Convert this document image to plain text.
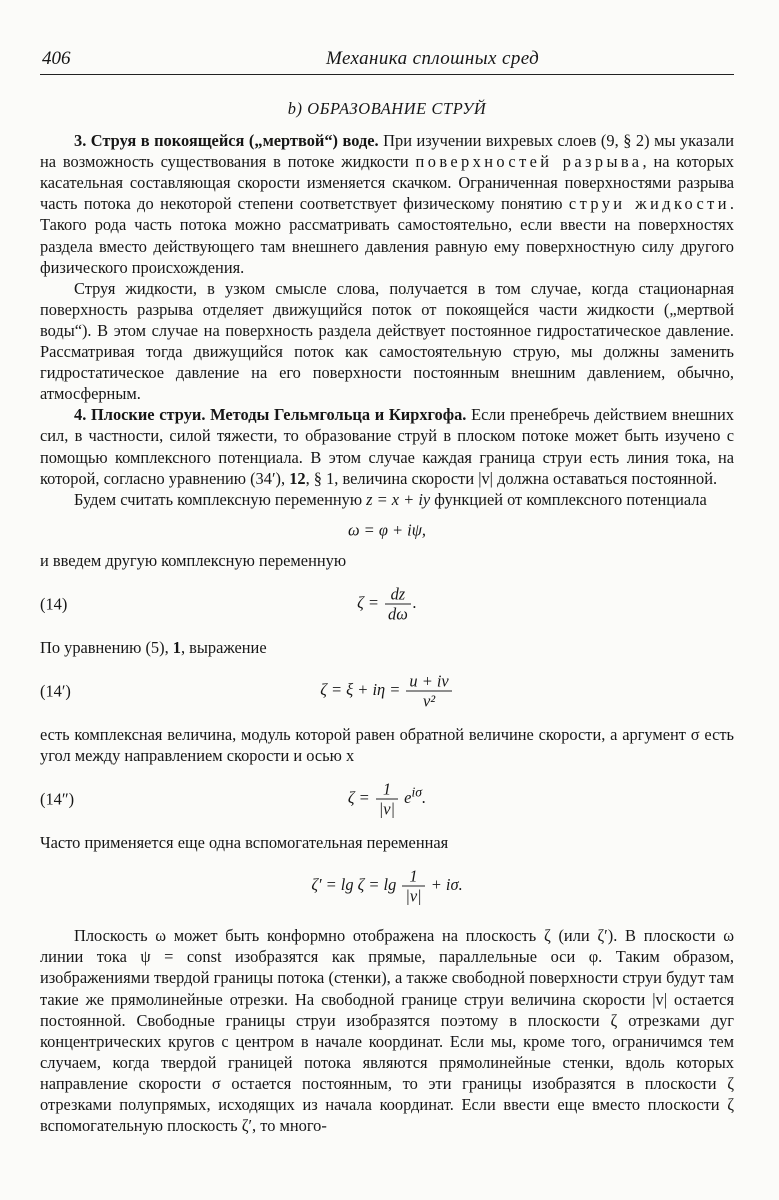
406	Механика сплошных сред
b) ОБРАЗОВАНИЕ СТРУЙ

3. Струя в покоящейся („мертвой“) воде. При изучении вихревых слоев (9, § 2) мы указали на возможность существования в потоке жидкости поверхностей разрыва, на которых касательная составляющая скорости изменяется скачком. Ограниченная поверхностями разрыва часть потока до некоторой степени соответствует физическому понятию струи жидкости. Такого рода часть потока можно рассматривать самостоятельно, если ввести на поверхностях раздела вместо действующего там внешнего давления равную ему поверхностную силу другого физического происхождения.

Струя жидкости, в узком смысле слова, получается в том случае, когда стационарная поверхность разрыва отделяет движущийся поток от покоящейся части жидкости („мертвой воды“). В этом случае на поверхность раздела действует постоянное гидростатическое давление. Рассматривая тогда движущийся поток как самостоятельную струю, мы должны заменить гидростатическое давление на его поверхности постоянным внешним давлением, обычно, атмосферным.

4. Плоские струи. Методы Гельмгольца и Кирхгофа. Если пренебречь действием внешних сил, в частности, силой тяжести, то образование струй в плоском потоке может быть изучено с помощью комплексного потенциала. В этом случае каждая граница струи есть линия тока, на которой, согласно уравнению (34′), 12, § 1, величина скорости |v| должна оставаться постоянной.

Будем считать комплексную переменную z = x + iy функцией от комплексного потенциала

ω = φ + iψ,

и введем другую комплексную переменную

(14)	$\zeta = \frac{dz}{d\omega}$ .

По уравнению (5), 1, выражение

(14′)	$\zeta = \xi + i\eta = \frac{u + iv}{\text{v²}}$

есть комплексная величина, модуль которой равен обратной величине скорости, а аргумент σ есть угол между направлением скорости и осью x

(14″)	$\zeta = \frac{1}{|v|} e^{i\sigma}$.

Часто применяется еще одна вспомогательная переменная

$\zeta' = \lg \zeta = \lg \frac{1}{|v|} + i\sigma$.

Плоскость ω может быть конформно отображена на плоскость ζ (или ζ′). В плоскости ω линии тока ψ = const изобразятся как прямые, параллельные оси φ. Таким образом, изображениями твердой границы потока (стенки), а также свободной поверхности струи будут там такие же прямолинейные отрезки. На свободной границе струи величина скорости |v| остается постоянной. Свободные границы струи изобразятся поэтому в плоскости ζ отрезками дуг концентрических кругов с центром в начале координат. Если мы, кроме того, ограничимся тем случаем, когда твердой границей потока являются прямолинейные стенки, вдоль которых направление скорости σ остается постоянным, то эти границы изобразятся в плоскости ζ отрезками полупрямых, исходящих из начала координат. Если ввести еще вместо плоскости ζ вспомогательную плоскость ζ′, то много-
